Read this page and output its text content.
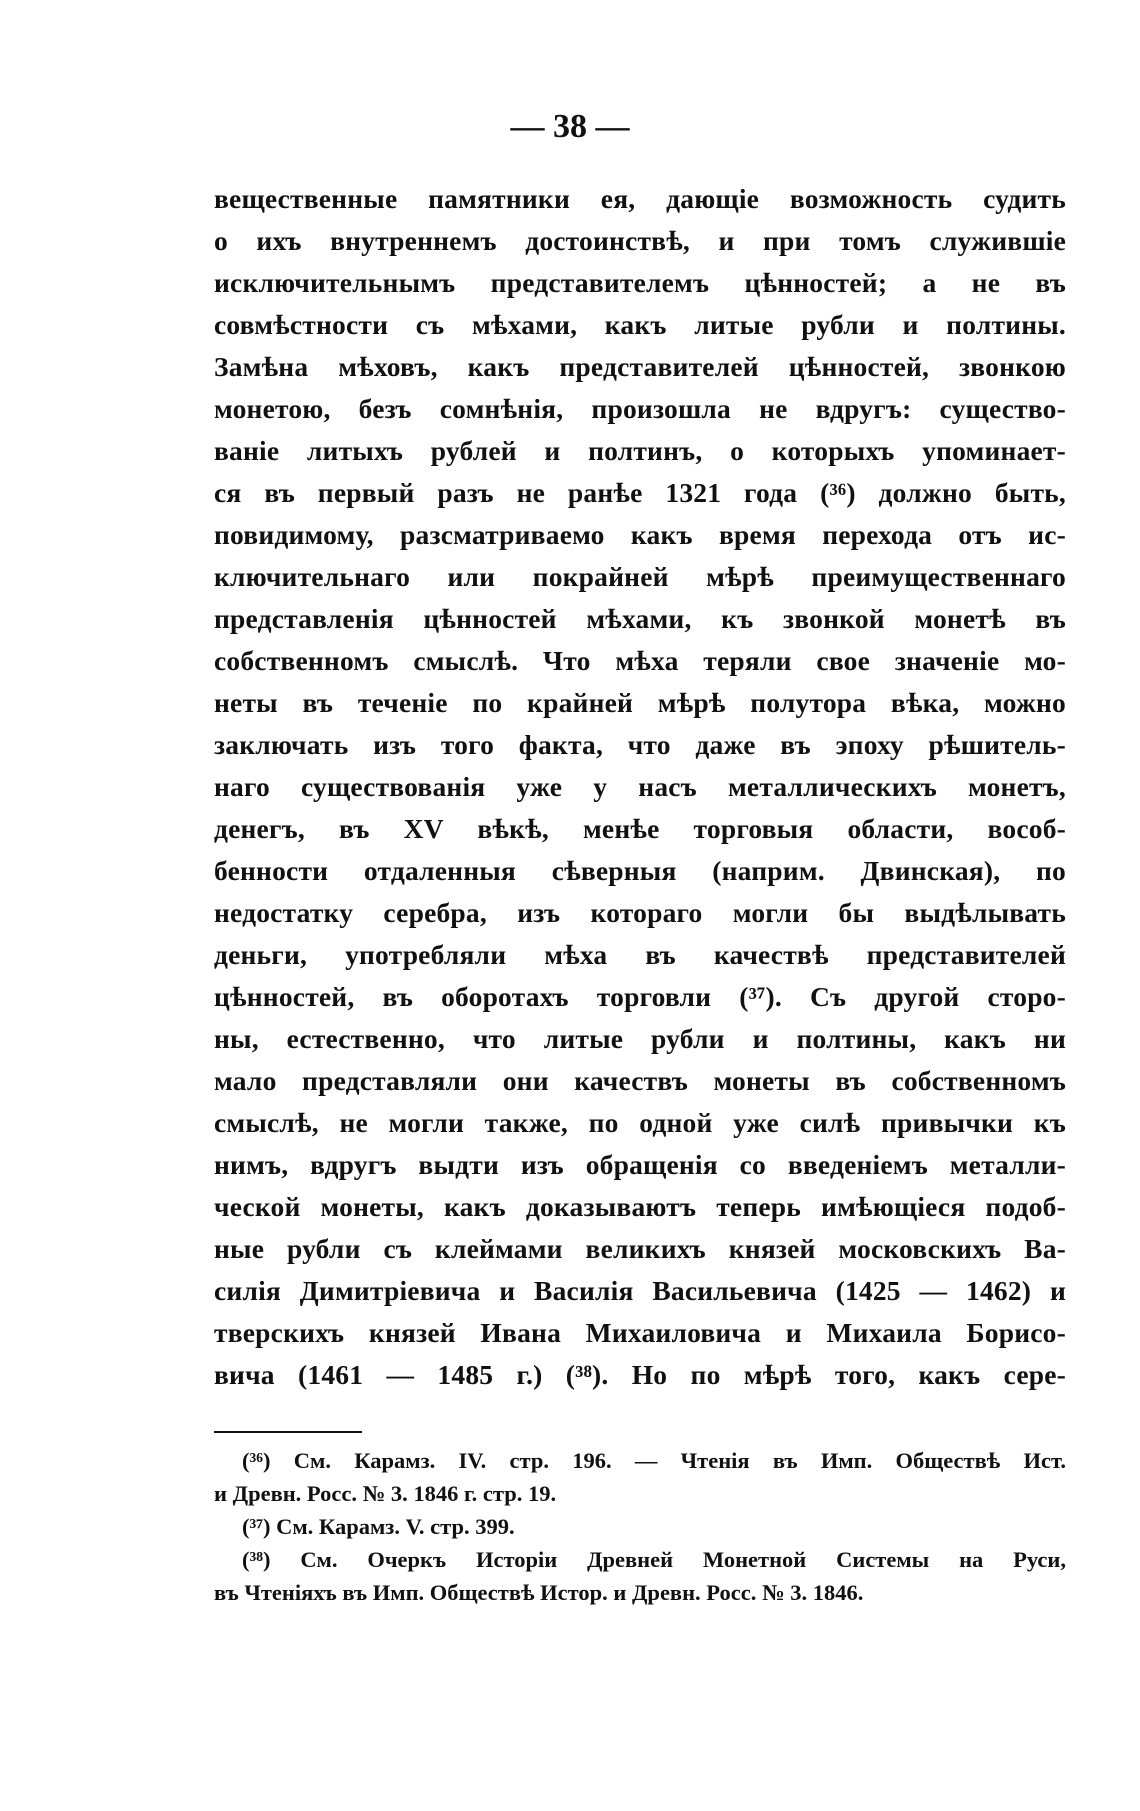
— 38 —
вещественные памятники ея, дающіе возможность судить
о ихъ внутреннемъ достоинствѣ, и при томъ служившіе
исключительнымъ представителемъ цѣнностей; а не въ
совмѣстности съ мѣхами, какъ литые рубли и полтины.
Замѣна мѣховъ, какъ представителей цѣнностей, звонкою
монетою, безъ сомнѣнія, произошла не вдругъ: существо-
ваніе литыхъ рублей и полтинъ, о которыхъ упоминает-
ся въ первый разъ не ранѣе 1321 года (³⁶) должно быть,
повидимому, разсматриваемо какъ время перехода отъ ис-
ключительнаго или покрайней мѣрѣ преимущественнаго
представленія цѣнностей мѣхами, къ звонкой монетѣ въ
собственномъ смыслѣ. Что мѣха теряли свое значеніе мо-
неты въ теченіе по крайней мѣрѣ полутора вѣка, можно
заключать изъ того факта, что даже въ эпоху рѣшитель-
наго существованія уже у насъ металлическихъ монетъ,
денегъ, въ XV вѣкѣ, менѣе торговыя области, вособ-
бенности отдаленныя сѣверныя (наприм. Двинская), по
недостатку серебра, изъ котораго могли бы выдѣлывать
деньги, употребляли мѣха въ качествѣ представителей
цѣнностей, въ оборотахъ торговли (³⁷). Съ другой сторо-
ны, естественно, что литые рубли и полтины, какъ ни
мало представляли они качествъ монеты въ собственномъ
смыслѣ, не могли также, по одной уже силѣ привычки къ
нимъ, вдругъ выдти изъ обращенія со введеніемъ металли-
ческой монеты, какъ доказываютъ теперь имѣющіеся подоб-
ные рубли съ клеймами великихъ князей московскихъ Ва-
силія Димитріевича и Василія Васильевича (1425 — 1462) и
тверскихъ князей Ивана Михаиловича и Михаила Борисо-
вича (1461 — 1485 г.) (³⁸). Но по мѣрѣ того, какъ сере-
(³⁶) См. Карамз. IV. стр. 196. — Чтенія въ Имп. Обществѣ Ист.
и Древн. Росс. № 3. 1846 г. стр. 19.
(³⁷) См. Карамз. V. стр. 399.
(³⁸) См. Очеркъ Исторіи Древней Монетной Системы на Руси,
въ Чтеніяхъ въ Имп. Обществѣ Истор. и Древн. Росс. № 3. 1846.
